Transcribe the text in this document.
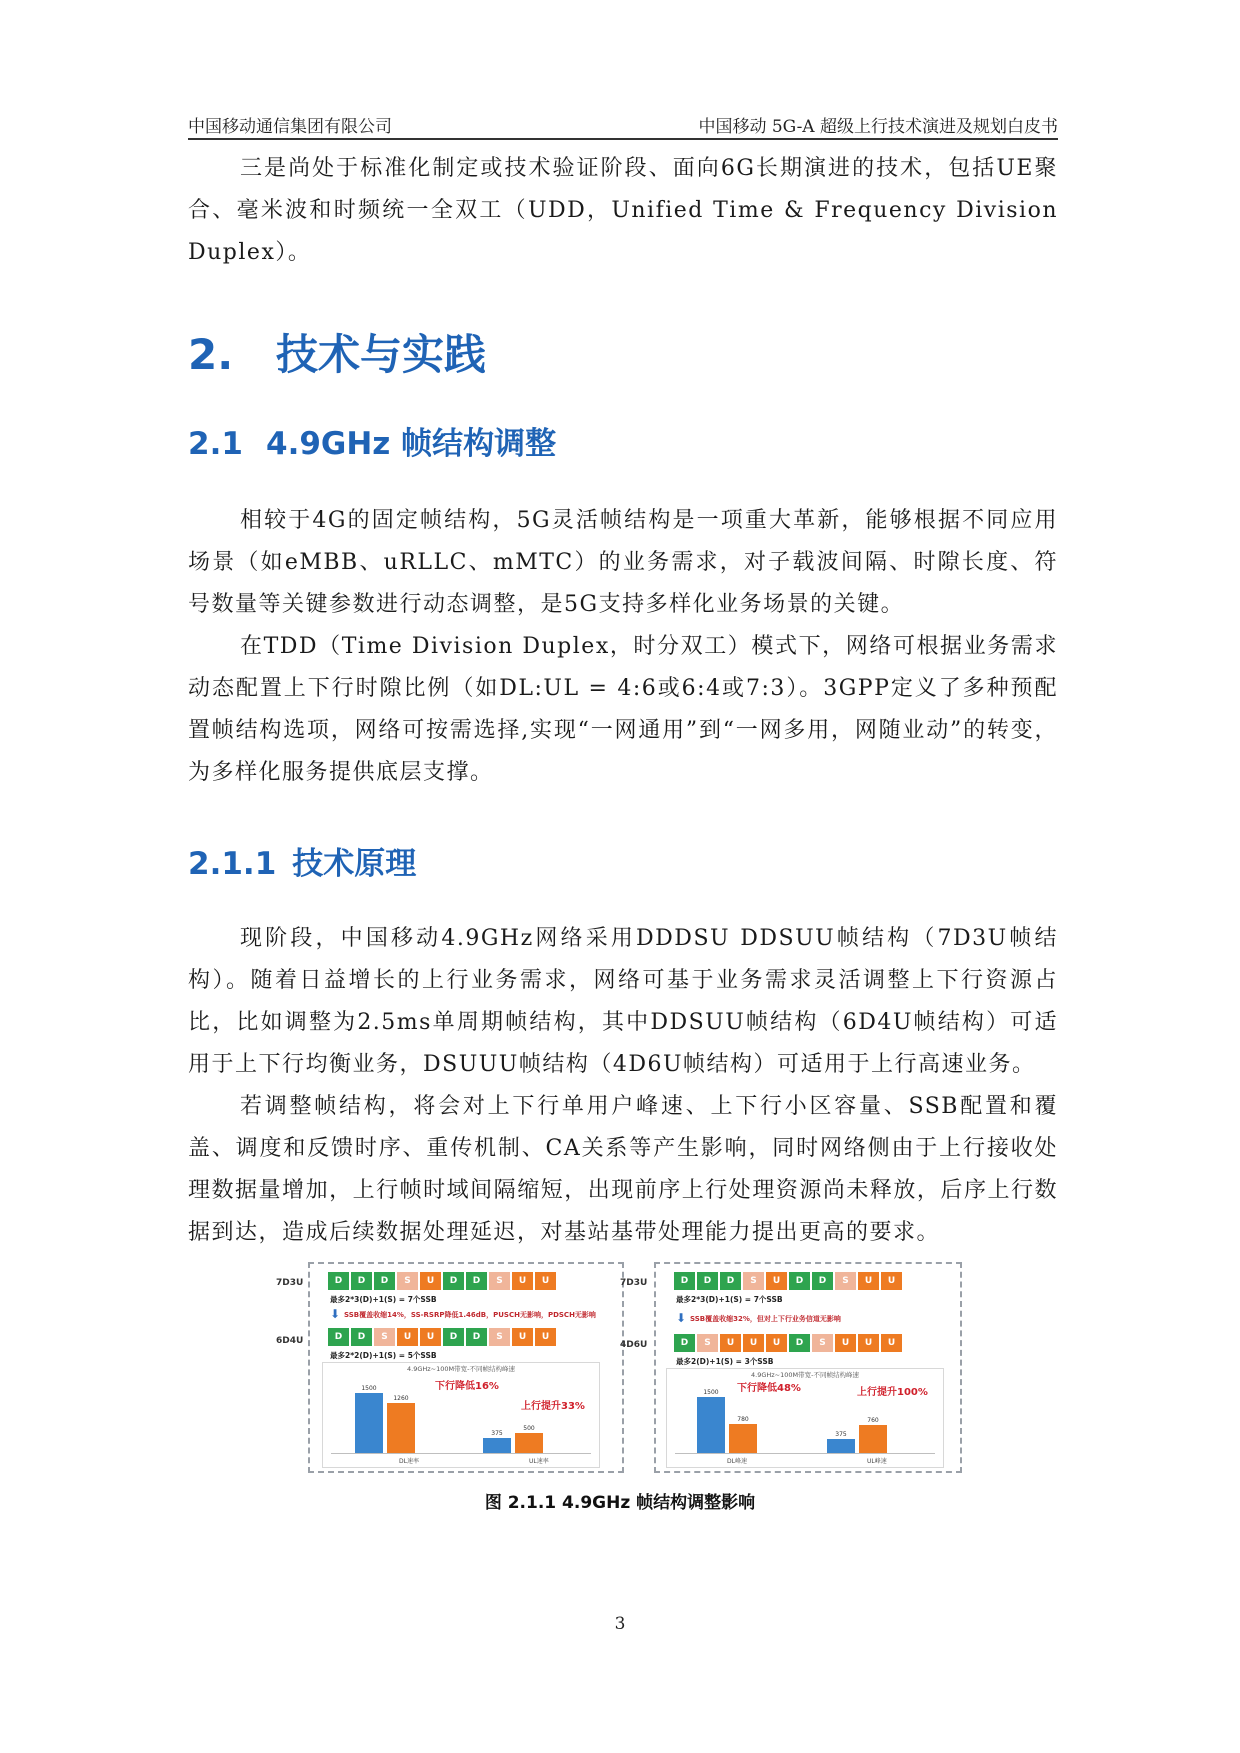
中国移动通信集团有限公司	中国移动 5G-A 超级上行技术演进及规划白皮书

三是尚处于标准化制定或技术验证阶段、面向6G长期演进的技术，包括UE聚合、毫米波和时频统一全双工（UDD，Unified Time & Frequency Division Duplex）。

2. 技术与实践
2.1 4.9GHz 帧结构调整

相较于4G的固定帧结构，5G灵活帧结构是一项重大革新，能够根据不同应用场景（如eMBB、uRLLC、mMTC）的业务需求，对子载波间隔、时隙长度、符号数量等关键参数进行动态调整，是5G支持多样化业务场景的关键。

在TDD（Time Division Duplex，时分双工）模式下，网络可根据业务需求动态配置上下行时隙比例（如DL:UL = 4:6或6:4或7:3）。3GPP定义了多种预配置帧结构选项，网络可按需选择,实现“一网通用”到“一网多用，网随业动”的转变，为多样化服务提供底层支撑。

2.1.1 技术原理

现阶段，中国移动4.9GHz网络采用DDDSU DDSUU帧结构（7D3U帧结构）。随着日益增长的上行业务需求，网络可基于业务需求灵活调整上下行资源占比，比如调整为2.5ms单周期帧结构，其中DDSUU帧结构（6D4U帧结构）可适用于上下行均衡业务，DSUUU帧结构（4D6U帧结构）可适用于上行高速业务。

若调整帧结构，将会对上下行单用户峰速、上下行小区容量、SSB配置和覆盖、调度和反馈时序、重传机制、CA关系等产生影响，同时网络侧由于上行接收处理数据量增加，上行帧时域间隔缩短，出现前序上行处理资源尚未释放，后序上行数据到达，造成后续数据处理延迟，对基站基带处理能力提出更高的要求。

7D3U
6D4U
D	D	D	S	U	D	D	S	U	U
最多2*3(D)+1(S) = 7个SSB
⬇ SSB覆盖收缩14%，SS-RSRP降低1.46dB，PUSCH无影响，PDSCH无影响
D	D	S	U	U	D	D	S	U	U
最多2*2(D)+1(S) = 5个SSB
4.9GHz~100M带宽-不同帧结构峰速
下行降低16%
上行提升33%
DL速率	UL速率
1500
375
1260
500
7D3U
4D6U
D	D	D	S	U	D	D	S	U	U
最多2*3(D)+1(S) = 7个SSB
⬇ SSB覆盖收缩32%，但对上下行业务信道无影响
D	S	U	U	U	D	S	U	U	U
最多2(D)+1(S) = 3个SSB
4.9GHz~100M带宽-不同帧结构峰速
下行降低48%	上行提升100%
DL峰速	UL峰速
1500
375
780	760
图 2.1.1 4.9GHz 帧结构调整影响
3
